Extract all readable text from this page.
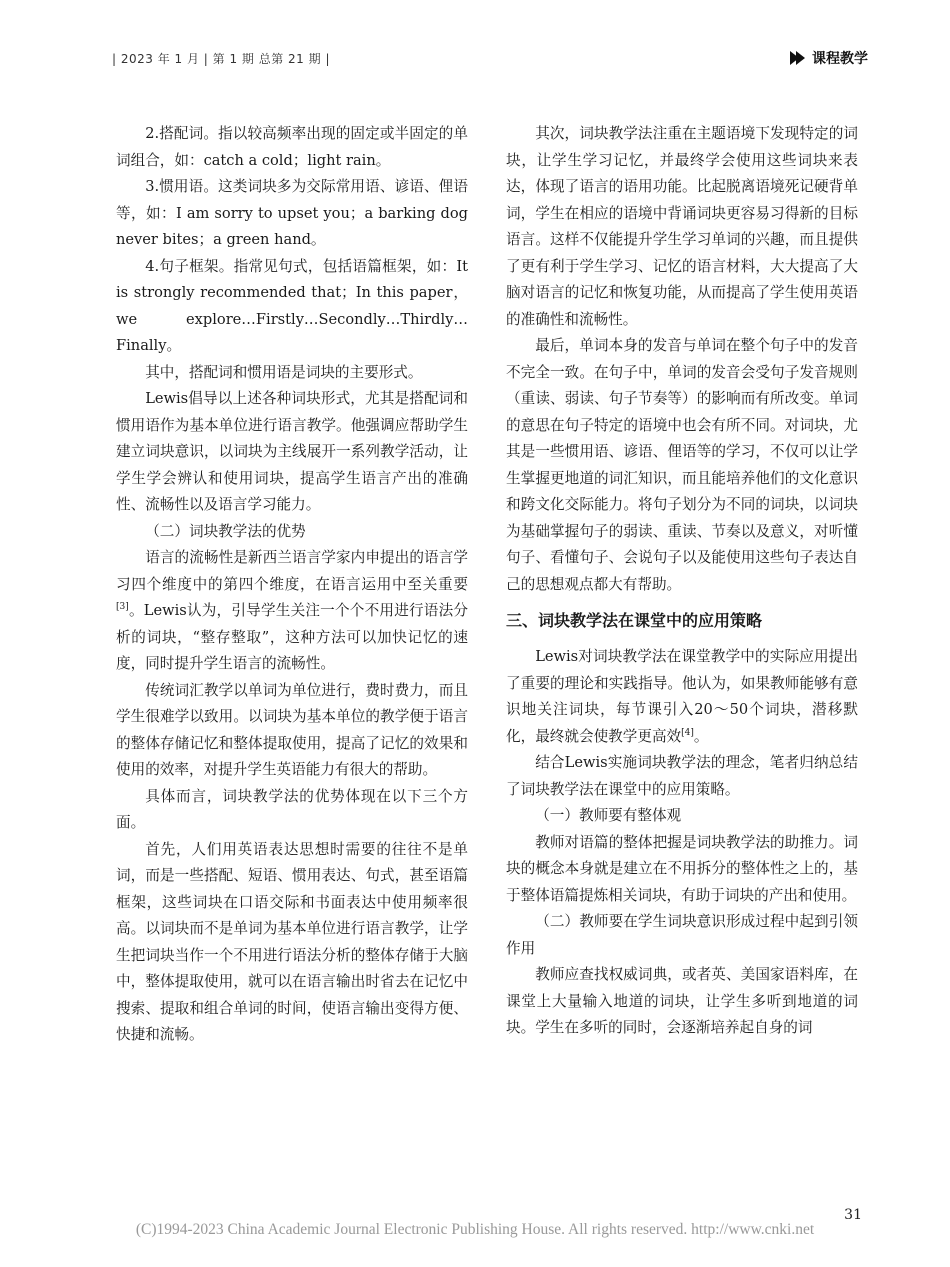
| 2023 年 1 月 | 第 1 期 总第 21 期 |	课程教学

2.搭配词。指以较高频率出现的固定或半固定的单词组合，如：catch a cold；light rain。

3.惯用语。这类词块多为交际常用语、谚语、俚语等，如：I am sorry to upset you；a barking dog never bites；a green hand。

4.句子框架。指常见句式，包括语篇框架，如：It is strongly recommended that；In this paper，we explore…Firstly…Secondly…Thirdly…Finally。

其中，搭配词和惯用语是词块的主要形式。

Lewis倡导以上述各种词块形式，尤其是搭配词和惯用语作为基本单位进行语言教学。他强调应帮助学生建立词块意识，以词块为主线展开一系列教学活动，让学生学会辨认和使用词块，提高学生语言产出的准确性、流畅性以及语言学习能力。

（二）词块教学法的优势

语言的流畅性是新西兰语言学家内申提出的语言学习四个维度中的第四个维度，在语言运用中至关重要[3]。Lewis认为，引导学生关注一个个不用进行语法分析的词块，“整存整取”，这种方法可以加快记忆的速度，同时提升学生语言的流畅性。

传统词汇教学以单词为单位进行，费时费力，而且学生很难学以致用。以词块为基本单位的教学便于语言的整体存储记忆和整体提取使用，提高了记忆的效果和使用的效率，对提升学生英语能力有很大的帮助。

具体而言，词块教学法的优势体现在以下三个方面。

首先，人们用英语表达思想时需要的往往不是单词，而是一些搭配、短语、惯用表达、句式，甚至语篇框架，这些词块在口语交际和书面表达中使用频率很高。以词块而不是单词为基本单位进行语言教学，让学生把词块当作一个不用进行语法分析的整体存储于大脑中，整体提取使用，就可以在语言输出时省去在记忆中搜索、提取和组合单词的时间，使语言输出变得方便、快捷和流畅。

其次，词块教学法注重在主题语境下发现特定的词块，让学生学习记忆，并最终学会使用这些词块来表达，体现了语言的语用功能。比起脱离语境死记硬背单词，学生在相应的语境中背诵词块更容易习得新的目标语言。这样不仅能提升学生学习单词的兴趣，而且提供了更有利于学生学习、记忆的语言材料，大大提高了大脑对语言的记忆和恢复功能，从而提高了学生使用英语的准确性和流畅性。

最后，单词本身的发音与单词在整个句子中的发音不完全一致。在句子中，单词的发音会受句子发音规则（重读、弱读、句子节奏等）的影响而有所改变。单词的意思在句子特定的语境中也会有所不同。对词块，尤其是一些惯用语、谚语、俚语等的学习，不仅可以让学生掌握更地道的词汇知识，而且能培养他们的文化意识和跨文化交际能力。将句子划分为不同的词块，以词块为基础掌握句子的弱读、重读、节奏以及意义，对听懂句子、看懂句子、会说句子以及能使用这些句子表达自己的思想观点都大有帮助。

三、词块教学法在课堂中的应用策略

Lewis对词块教学法在课堂教学中的实际应用提出了重要的理论和实践指导。他认为，如果教师能够有意识地关注词块，每节课引入20～50个词块，潜移默化，最终就会使教学更高效[4]。

结合Lewis实施词块教学法的理念，笔者归纳总结了词块教学法在课堂中的应用策略。

（一）教师要有整体观

教师对语篇的整体把握是词块教学法的助推力。词块的概念本身就是建立在不用拆分的整体性之上的，基于整体语篇提炼相关词块，有助于词块的产出和使用。

（二）教师要在学生词块意识形成过程中起到引领作用

教师应查找权威词典，或者英、美国家语料库，在课堂上大量输入地道的词块，让学生多听到地道的词块。学生在多听的同时，会逐渐培养起自身的词

31
(C)1994-2023 China Academic Journal Electronic Publishing House. All rights reserved. http://www.cnki.net
